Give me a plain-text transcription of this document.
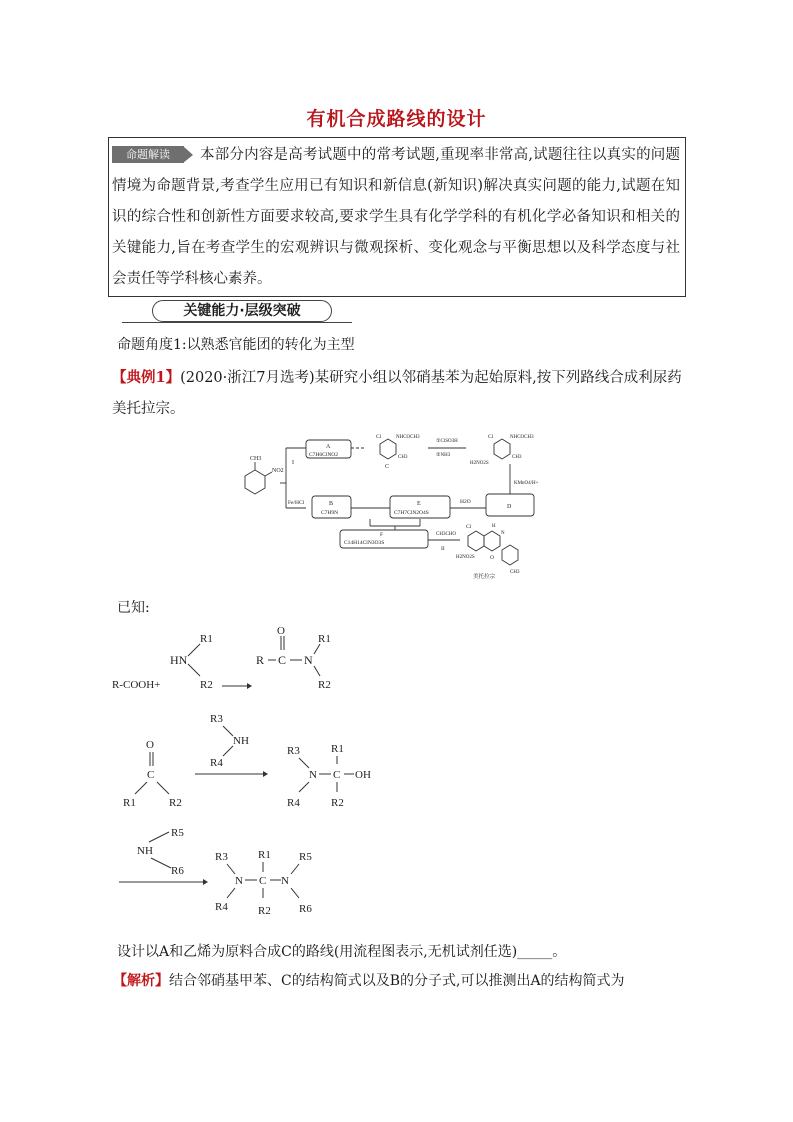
有机合成路线的设计
命题解读	本部分内容是高考试题中的常考试题,重现率非常高,试题往往以真实的问题情境为命题背景,考查学生应用已有知识和新信息(新知识)解决真实问题的能力,试题在知识的综合性和创新性方面要求较高,要求学生具有化学学科的有机化学必备知识和相关的关键能力,旨在考查学生的宏观辨识与微观探析、变化观念与平衡思想以及科学态度与社会责任等学科核心素养。
关键能力·层级突破
命题角度1:以熟悉官能团的转化为主型
【典例1】(2020·浙江7月选考)某研究小组以邻硝基苯为起始原料,按下列路线合成利尿药美托拉宗。
CH3
NO2
I
Fe/HCl
A
C7H6ClNO2
B
C7H9N
E
C7H7ClN2O4S
D
F
C14H14ClN3O3S
Cl	NHCOCH3
C
CH3
①ClSO3H
②NH3
Cl	NHCOCH3
H2NO2S
CH3
KMnO4/H+
H2O
CH3CHO
II
Cl	H
N
O
H2NO2S
CH3
美托拉宗
已知:
R-COOH+
HN
R1
R2
R C
O
N
R1
R2
O
C
R1	R2
R3
NH
R4
R3
N
R4
C
R1
R2
OH
R5
NH
R6
R3
N
R4
C
R1
R2
N
R5
R6
设计以A和乙烯为原料合成C的路线(用流程图表示,无机试剂任选)_____。
【解析】结合邻硝基甲苯、C的结构简式以及B的分子式,可以推测出A的结构简式为
